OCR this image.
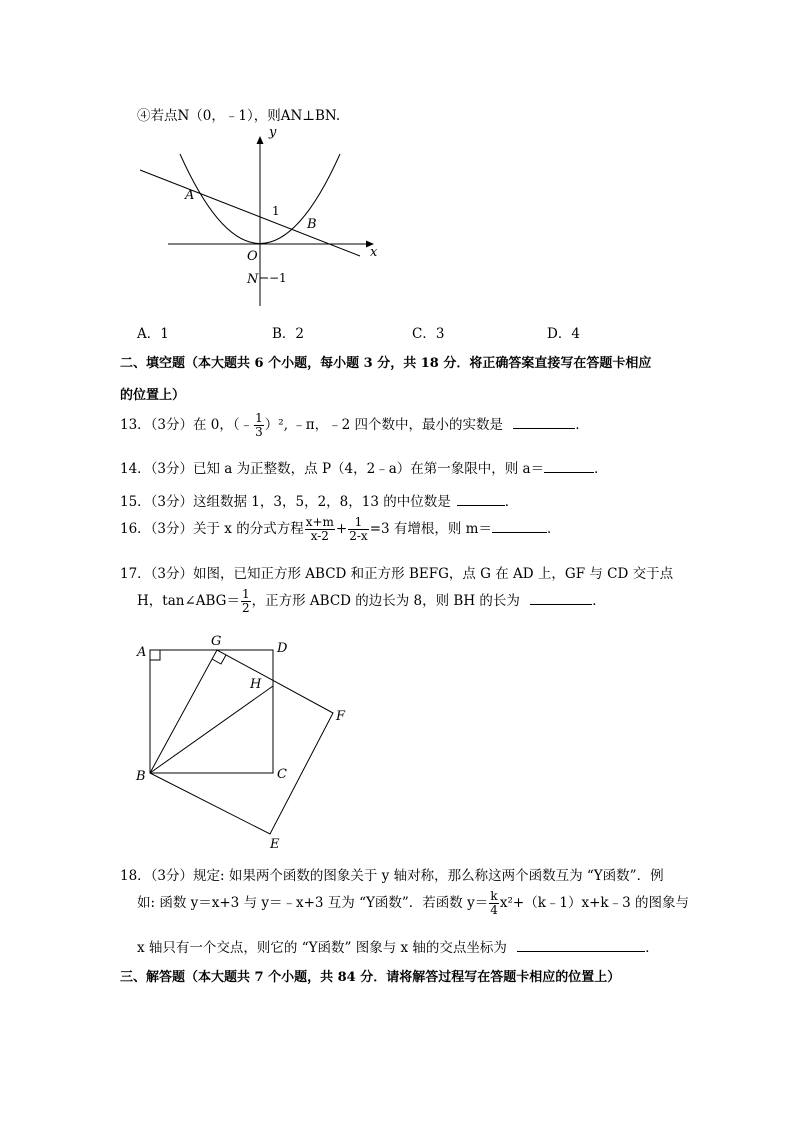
④若点N（0，﹣1），则AN⊥BN.
y
x
A
B
O
N
1
−1
A．1	B．2	C．3	D．4
二、填空题（本大题共 6 个小题，每小题 3 分，共 18 分．将正确答案直接写在答题卡相应
的位置上）
13．（3分）在 0，（﹣ $\frac{1}{3} )^2$, ﹣π，﹣2 四个数中，最小的实数是	．
14．（3分）已知 a 为正整数，点 P（4，2﹣a）在第一象限中，则 a＝	．
15．（3分）这组数据 1，3，5，2，8，13 的中位数是	．
16．（3分）关于 x 的分式方程 $\frac{x+m}{x-2} + \frac{1}{2-x} =3$ 有增根，则 m＝	．
17．（3分）如图，已知正方形 ABCD 和正方形 BEFG，点 G 在 AD 上，GF 与 CD 交于点
H，tan∠ABG＝ $\frac{1}{2}$ ，正方形 ABCD 的边长为 8，则 BH 的长为	．
A
B	C
D
E
F
G
H
18．（3分）规定: 如果两个函数的图象关于 y 轴对称，那么称这两个函数互为 “Y函数”．例
如: 函数 y＝x+3 与 y＝﹣x+3 互为 “Y函数”．若函数 $y= \frac{k}{4}$ x²+（k﹣1）x+k﹣3 的图象与
x 轴只有一个交点，则它的 “Y函数” 图象与 x 轴的交点坐标为	．
三、解答题（本大题共 7 个小题，共 84 分．请将解答过程写在答题卡相应的位置上）
